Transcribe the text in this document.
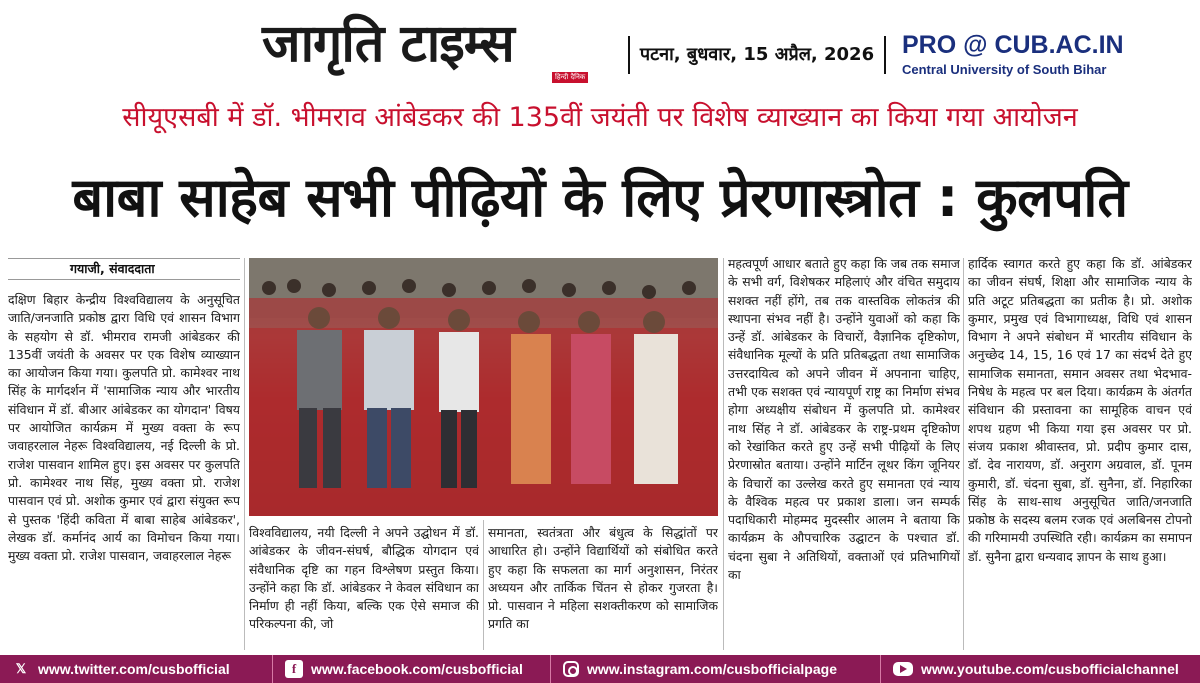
जागृति टाइम्स
हिन्दी दैनिक
पटना, बुधवार, 15 अप्रैल, 2026	PRO @ CUB.AC.IN
Central University of South Bihar
सीयूएसबी में डॉ. भीमराव आंबेडकर की 135वीं जयंती पर विशेष व्याख्यान का किया गया आयोजन
बाबा साहेब सभी पीढ़ियों के लिए प्रेरणास्त्रोत : कुलपति
गयाजी, संवाददाता
दक्षिण बिहार केन्द्रीय विश्वविद्यालय के अनुसूचित जाति/जनजाति प्रकोष्ठ द्वारा विधि एवं शासन विभाग के सहयोग से डॉ. भीमराव रामजी आंबेडकर की 135वीं जयंती के अवसर पर एक विशेष व्याख्यान का आयोजन किया गया। कुलपति प्रो. कामेश्वर नाथ सिंह के मार्गदर्शन में 'सामाजिक न्याय और भारतीय संविधान में डॉ. बीआर आंबेडकर का योगदान' विषय पर आयोजित कार्यक्रम में मुख्य वक्ता के रूप जवाहरलाल नेहरू विश्वविद्यालय, नई दिल्ली के प्रो. राजेश पासवान शामिल हुए। इस अवसर पर कुलपति प्रो. कामेश्वर नाथ सिंह, मुख्य वक्ता प्रो. राजेश पासवान एवं प्रो. अशोक कुमार एवं द्वारा संयुक्त रूप से पुस्तक 'हिंदी कविता में बाबा साहेब आंबेडकर', लेखक डॉ. कर्मानंद आर्य का विमोचन किया गया। मुख्य वक्ता प्रो. राजेश पासवान, जवाहरलाल नेहरू
विश्वविद्यालय, नयी दिल्ली ने अपने उद्घोधन में डॉ. आंबेडकर के जीवन-संघर्ष, बौद्धिक योगदान एवं संवैधानिक दृष्टि का गहन विश्लेषण प्रस्तुत किया। उन्होंने कहा कि डॉ. आंबेडकर ने केवल संविधान का निर्माण ही नहीं किया, बल्कि एक ऐसे समाज की परिकल्पना की, जो
समानता, स्वतंत्रता और बंधुत्व के सिद्धांतों पर आधारित हो। उन्होंने विद्यार्थियों को संबोधित करते हुए कहा कि सफलता का मार्ग अनुशासन, निरंतर अध्ययन और तार्किक चिंतन से होकर गुजरता है। प्रो. पासवान ने महिला सशक्तीकरण को सामाजिक प्रगति का
महत्वपूर्ण आधार बताते हुए कहा कि जब तक समाज के सभी वर्ग, विशेषकर महिलाएं और वंचित समुदाय सशक्त नहीं होंगे, तब तक वास्तविक लोकतंत्र की स्थापना संभव नहीं है। उन्होंने युवाओं को कहा कि उन्हें डॉ. आंबेडकर के विचारों, वैज्ञानिक दृष्टिकोण, संवैधानिक मूल्यों के प्रति प्रतिबद्धता तथा सामाजिक उत्तरदायित्व को अपने जीवन में अपनाना चाहिए, तभी एक सशक्त एवं न्यायपूर्ण राष्ट्र का निर्माण संभव होगा अध्यक्षीय संबोधन में कुलपति प्रो. कामेश्वर नाथ सिंह ने डॉ. आंबेडकर के राष्ट्र-प्रथम दृष्टिकोण को रेखांकित करते हुए उन्हें सभी पीढ़ियों के लिए प्रेरणास्रोत बताया। उन्होंने मार्टिन लूथर किंग जूनियर के विचारों का उल्लेख करते हुए समानता एवं न्याय के वैश्विक महत्व पर प्रकाश डाला। जन सम्पर्क पदाधिकारी मोहम्मद मुदस्सीर आलम ने बताया कि कार्यक्रम के औपचारिक उद्घाटन के पश्चात डॉ. चंदना सुबा ने अतिथियों, वक्ताओं एवं प्रतिभागियों का
हार्दिक स्वागत करते हुए कहा कि डॉ. आंबेडकर का जीवन संघर्ष, शिक्षा और सामाजिक न्याय के प्रति अटूट प्रतिबद्धता का प्रतीक है। प्रो. अशोक कुमार, प्रमुख एवं विभागाध्यक्ष, विधि एवं शासन विभाग ने अपने संबोधन में भारतीय संविधान के अनुच्छेद 14, 15, 16 एवं 17 का संदर्भ देते हुए सामाजिक समानता, समान अवसर तथा भेदभाव-निषेध के महत्व पर बल दिया। कार्यक्रम के अंतर्गत संविधान की प्रस्तावना का सामूहिक वाचन एवं शपथ ग्रहण भी किया गया इस अवसर पर प्रो. संजय प्रकाश श्रीवास्तव, प्रो. प्रदीप कुमार दास, डॉ. देव नारायण, डॉ. अनुराग अग्रवाल, डॉ. पूनम कुमारी, डॉ. चंदना सुबा, डॉ. सुनैना, डॉ. निहारिका सिंह के साथ-साथ अनुसूचित जाति/जनजाति प्रकोष्ठ के सदस्य बलम रजक एवं अलबिनस टोपनो की गरिमामयी उपस्थिति रही। कार्यक्रम का समापन डॉ. सुनैना द्वारा धन्यवाद ज्ञापन के साथ हुआ।
𝕏 www.twitter.com/cusbofficial	f	www.facebook.com/cusbofficial	www.instagram.com/cusbofficialpage	www.youtube.com/cusbofficialchannel
